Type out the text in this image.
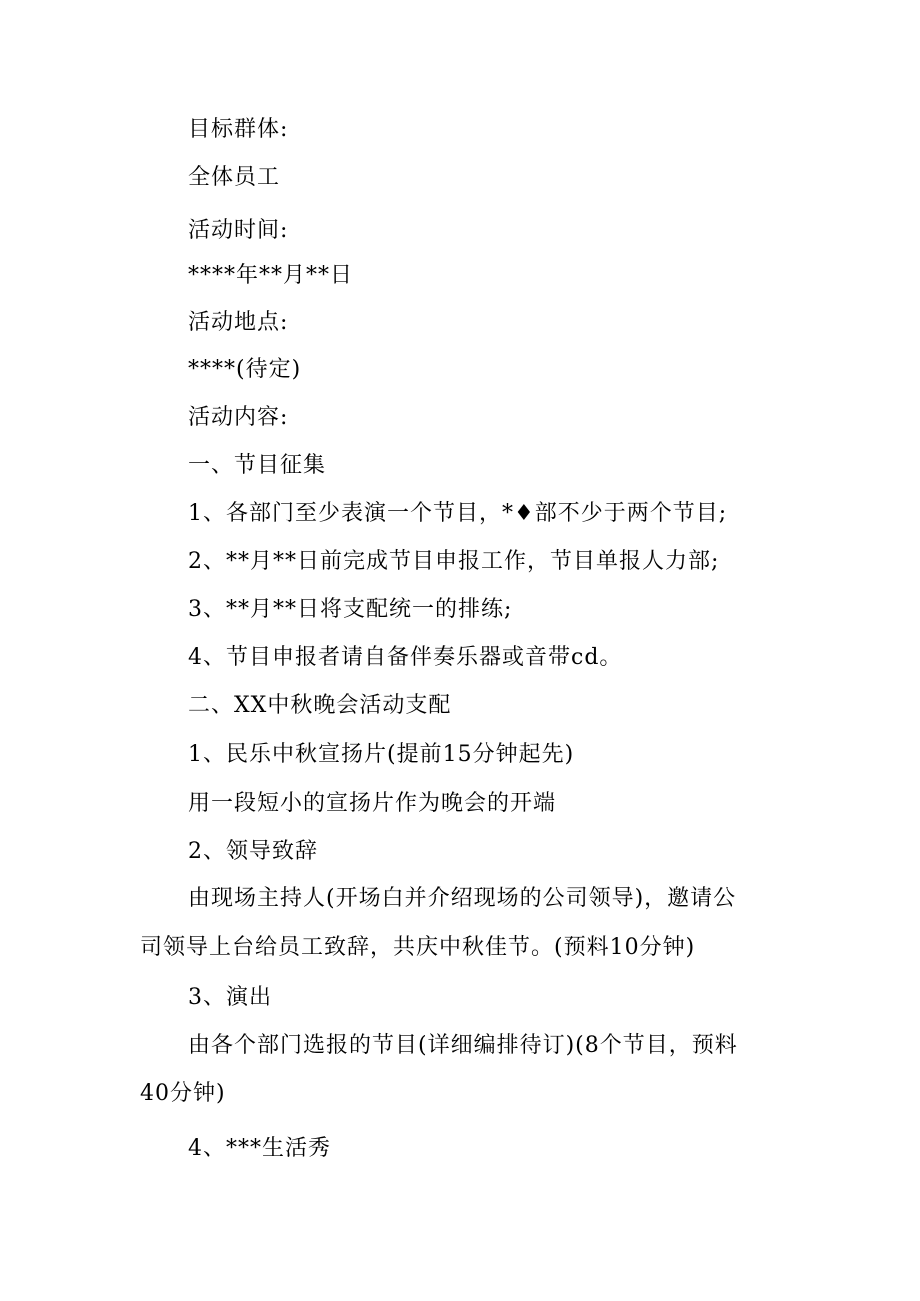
目标群体:
全体员工
活动时间:
****年**月**日
活动地点:
****(待定)
活动内容:
一、节目征集
1、各部门至少表演一个节目，*♦部不少于两个节目;
2、**月**日前完成节目申报工作，节目单报人力部;
3、**月**日将支配统一的排练;
4、节目申报者请自备伴奏乐器或音带cd。
二、XX中秋晚会活动支配
1、民乐中秋宣扬片(提前15分钟起先)
用一段短小的宣扬片作为晚会的开端
2、领导致辞
由现场主持人(开场白并介绍现场的公司领导)，邀请公
司领导上台给员工致辞，共庆中秋佳节。(预料10分钟)
3、演出
由各个部门选报的节目(详细编排待订)(8个节目，预料
40分钟)
4、***生活秀
